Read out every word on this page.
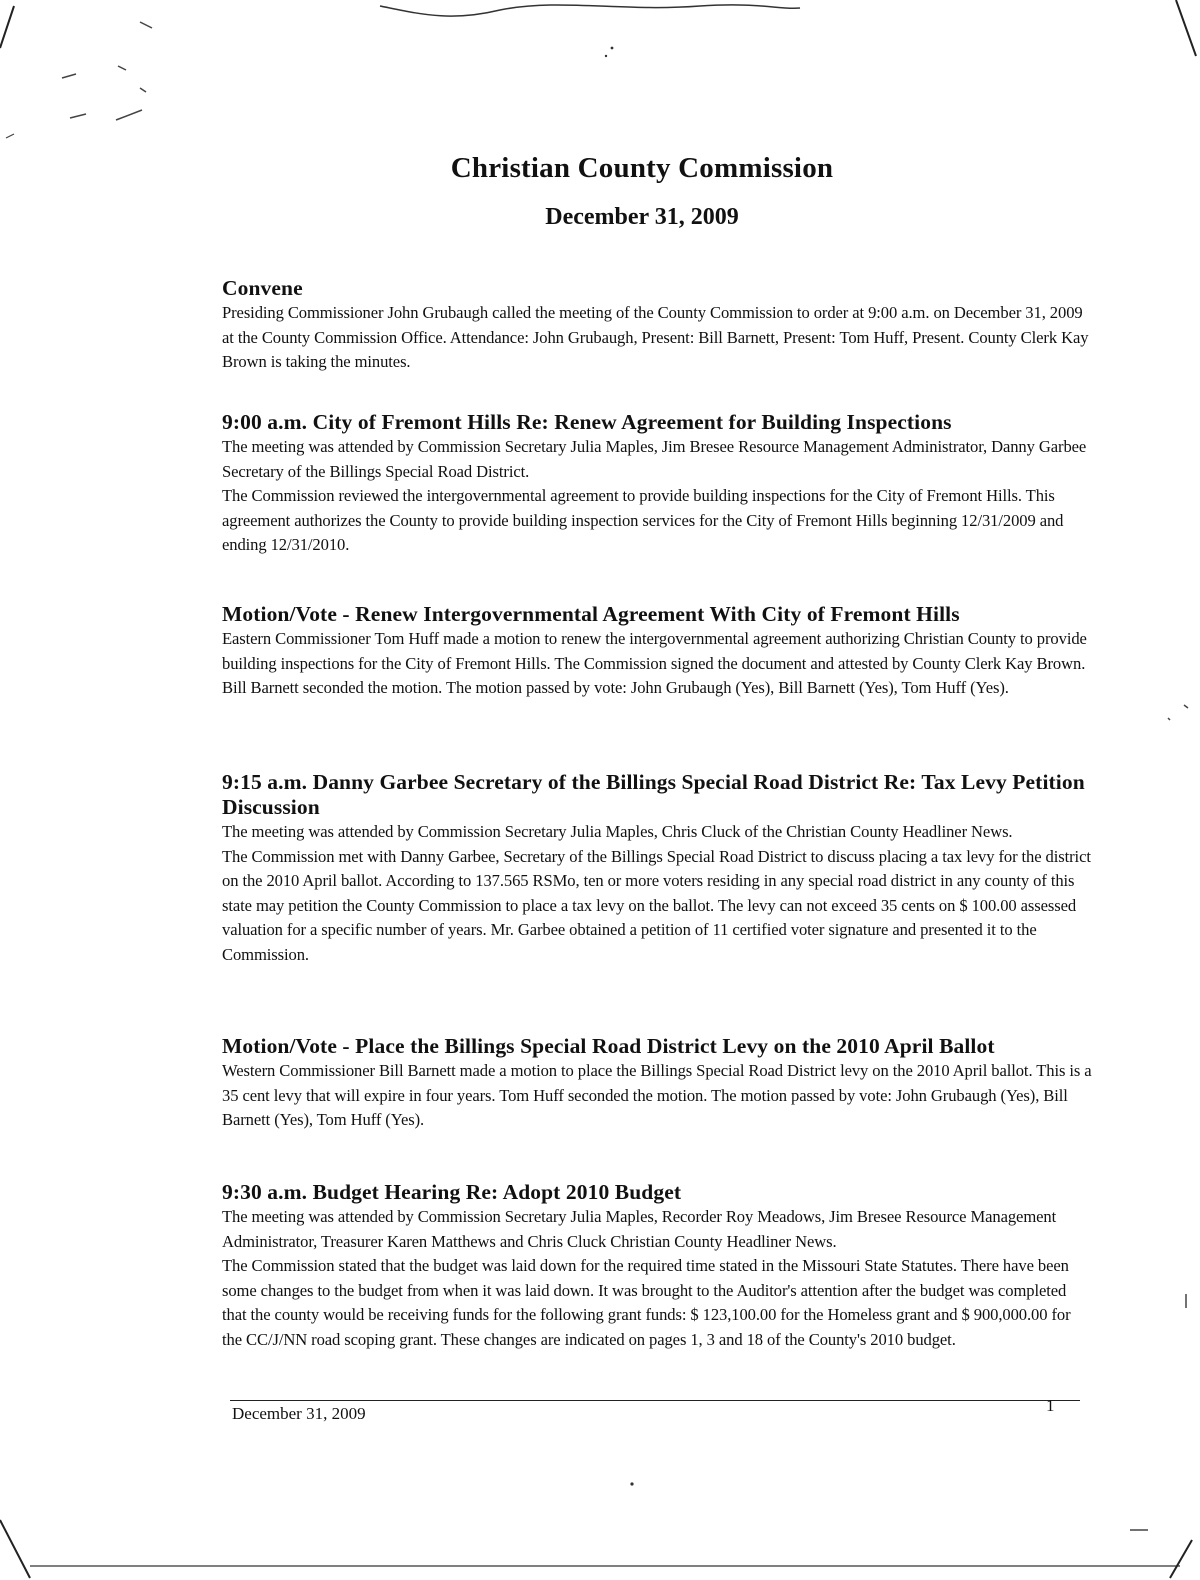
Christian County Commission
December 31, 2009
Convene

Presiding Commissioner John Grubaugh called the meeting of the County Commission to order at 9:00 a.m. on December 31, 2009 at the County Commission Office. Attendance: John Grubaugh, Present: Bill Barnett, Present: Tom Huff, Present. County Clerk Kay Brown is taking the minutes.

9:00 a.m. City of Fremont Hills Re: Renew Agreement for Building Inspections

The meeting was attended by Commission Secretary Julia Maples, Jim Bresee Resource Management Administrator, Danny Garbee Secretary of the Billings Special Road District.

The Commission reviewed the intergovernmental agreement to provide building inspections for the City of Fremont Hills. This agreement authorizes the County to provide building inspection services for the City of Fremont Hills beginning 12/31/2009 and ending 12/31/2010.

Motion/Vote - Renew Intergovernmental Agreement With City of Fremont Hills

Eastern Commissioner Tom Huff made a motion to renew the intergovernmental agreement authorizing Christian County to provide building inspections for the City of Fremont Hills. The Commission signed the document and attested by County Clerk Kay Brown. Bill Barnett seconded the motion. The motion passed by vote: John Grubaugh (Yes), Bill Barnett (Yes), Tom Huff (Yes).

9:15 a.m. Danny Garbee Secretary of the Billings Special Road District Re: Tax Levy Petition Discussion

The meeting was attended by Commission Secretary Julia Maples, Chris Cluck of the Christian County Headliner News.

The Commission met with Danny Garbee, Secretary of the Billings Special Road District to discuss placing a tax levy for the district on the 2010 April ballot. According to 137.565 RSMo, ten or more voters residing in any special road district in any county of this state may petition the County Commission to place a tax levy on the ballot. The levy can not exceed 35 cents on $ 100.00 assessed valuation for a specific number of years. Mr. Garbee obtained a petition of 11 certified voter signature and presented it to the Commission.

Motion/Vote - Place the Billings Special Road District Levy on the 2010 April Ballot

Western Commissioner Bill Barnett made a motion to place the Billings Special Road District levy on the 2010 April ballot. This is a 35 cent levy that will expire in four years. Tom Huff seconded the motion. The motion passed by vote: John Grubaugh (Yes), Bill Barnett (Yes), Tom Huff (Yes).

9:30 a.m. Budget Hearing Re: Adopt 2010 Budget

The meeting was attended by Commission Secretary Julia Maples, Recorder Roy Meadows, Jim Bresee Resource Management Administrator, Treasurer Karen Matthews and Chris Cluck Christian County Headliner News.

The Commission stated that the budget was laid down for the required time stated in the Missouri State Statutes. There have been some changes to the budget from when it was laid down. It was brought to the Auditor's attention after the budget was completed that the county would be receiving funds for the following grant funds: $ 123,100.00 for the Homeless grant and $ 900,000.00 for the CC/J/NN road scoping grant. These changes are indicated on pages 1, 3 and 18 of the County's 2010 budget.

December 31, 2009	1
